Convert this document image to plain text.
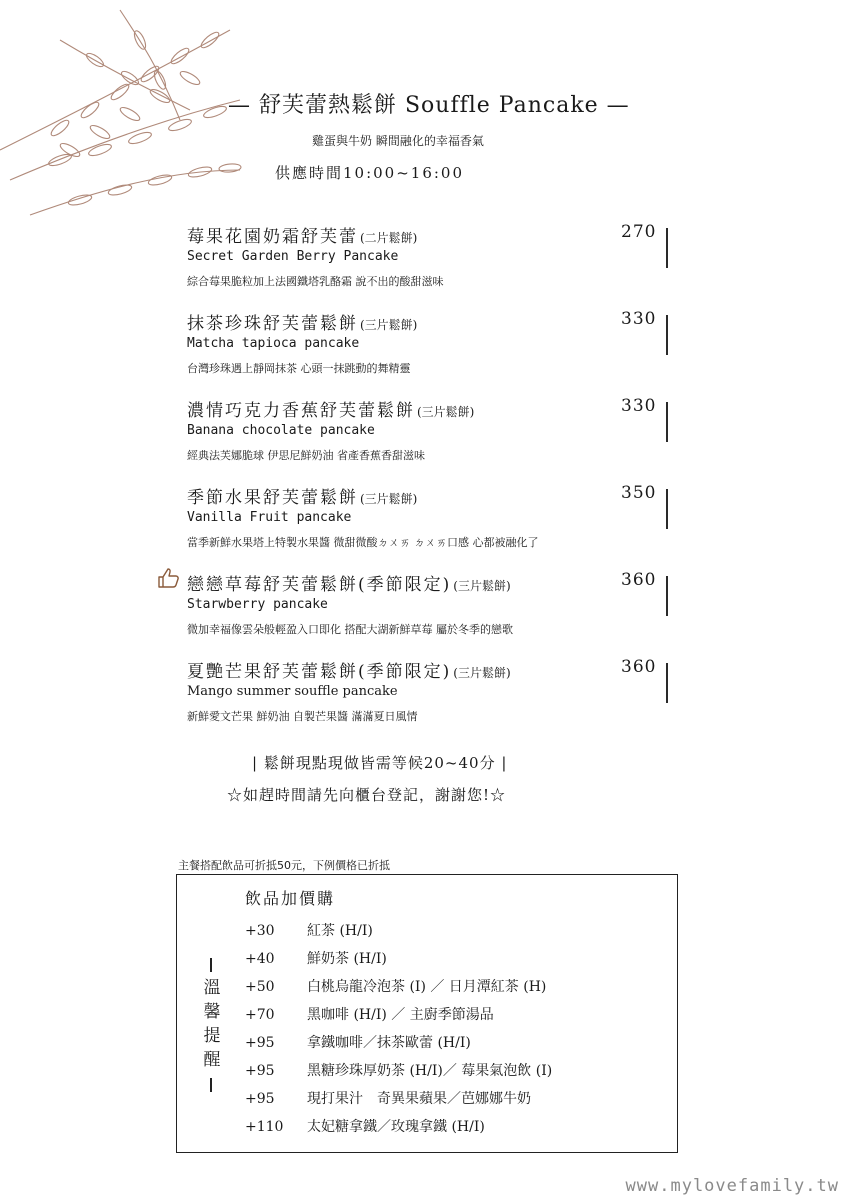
— 舒芙蕾熱鬆餅 Souffle Pancake —
雞蛋與牛奶 瞬間融化的幸福香氣
供應時間10:00~16:00
莓果花園奶霜舒芙蕾 (二片鬆餅)
Secret Garden Berry Pancake
綜合莓果脆粒加上法國鐵塔乳酪霜 說不出的酸甜滋味
270
抹茶珍珠舒芙蕾鬆餅 (三片鬆餅)
Matcha tapioca pancake
台灣珍珠遇上靜岡抹茶 心頭一抹跳動的舞精靈
330
濃情巧克力香蕉舒芙蕾鬆餅 (三片鬆餅)
Banana chocolate pancake
經典法芙娜脆球 伊思尼鮮奶油 省產香蕉香甜滋味
330
季節水果舒芙蕾鬆餅 (三片鬆餅)
Vanilla Fruit pancake
當季新鮮水果塔上特製水果醬 微甜微酸ㄉㄨㄞ ㄉㄨㄞ口感 心都被融化了
350
戀戀草莓舒芙蕾鬆餅(季節限定) (三片鬆餅)
Starwberry pancake
微加幸福像雲朵般輕盈入口即化 搭配大湖新鮮草莓 屬於冬季的戀歌
360
夏艷芒果舒芙蕾鬆餅(季節限定) (三片鬆餅)
Mango summer souffle pancake
新鮮愛文芒果 鮮奶油 自製芒果醬 滿滿夏日風情
360
| 鬆餅現點現做皆需等候20~40分 |
☆如趕時間請先向櫃台登記，謝謝您!☆
主餐搭配飲品可折抵50元，下例價格已折抵
飲品加價購
溫
馨
提
醒
+30 紅茶 (H/I)
+40 鮮奶茶 (H/I)
+50 白桃烏龍冷泡茶 (I) ／ 日月潭紅茶 (H)
+70 黑咖啡 (H/I) ／ 主廚季節湯品
+95 拿鐵咖啡／抹茶歐蕾 (H/I)
+95 黑糖珍珠厚奶茶 (H/I)／ 莓果氣泡飲 (I)
+95 現打果汁　奇異果蘋果／芭娜娜牛奶
+110 太妃糖拿鐵／玫瑰拿鐵 (H/I)
www.mylovefamily.tw
